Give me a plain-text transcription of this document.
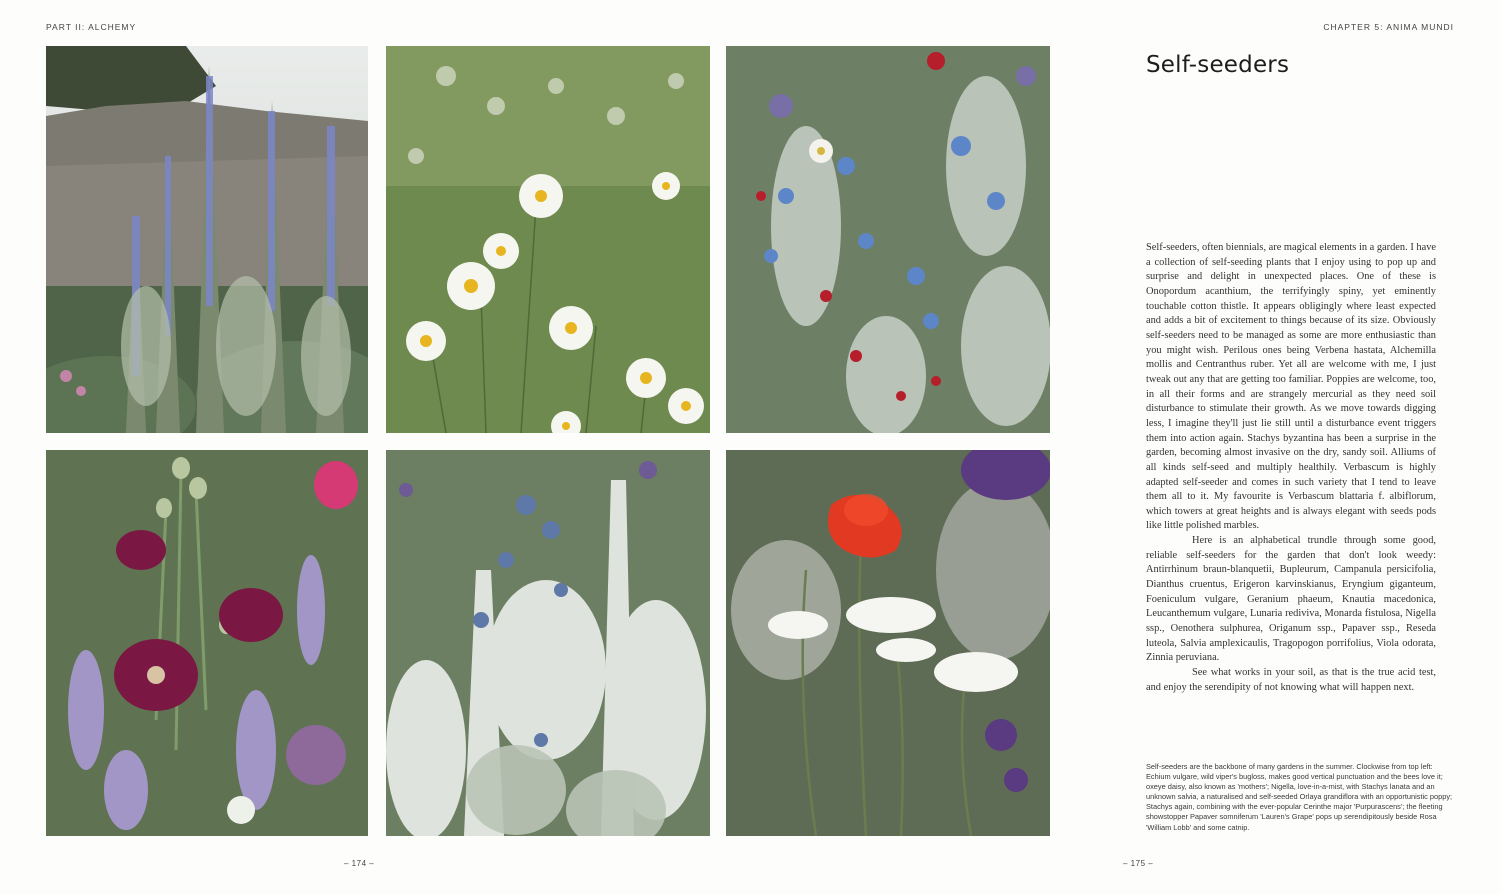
PART II: ALCHEMY	CHAPTER 5: ANIMA MUNDI
Self-seeders

Self-seeders, often biennials, are magical elements in a garden. I have a collection of self-seeding plants that I enjoy using to pop up and surprise and delight in unexpected places. One of these is Onopordum acanthium, the terrifyingly spiny, yet eminently touchable cotton thistle. It appears obligingly where least expected and adds a bit of excitement to things because of its size. Obviously self-seeders need to be managed as some are more enthusiastic than you might wish. Perilous ones being Verbena hastata, Alchemilla mollis and Centranthus ruber. Yet all are welcome with me, I just tweak out any that are getting too familiar. Poppies are welcome, too, in all their forms and are strangely mercurial as they need soil disturbance to stimulate their growth. As we move towards digging less, I imagine they'll just lie still until a disturbance event triggers them into action again. Stachys byzantina has been a surprise in the garden, becoming almost invasive on the dry, sandy soil. Alliums of all kinds self-seed and multiply healthily. Verbascum is highly adapted self-seeder and comes in such variety that I tend to leave them all to it. My favourite is Verbascum blattaria f. albiflorum, which towers at great heights and is always elegant with seeds pods like little polished marbles.

Here is an alphabetical trundle through some good, reliable self-seeders for the garden that don't look weedy: Antirrhinum braun-blanquetii, Bupleurum, Campanula persicifolia, Dianthus cruentus, Erigeron karvinskianus, Eryngium giganteum, Foeniculum vulgare, Geranium phaeum, Knautia macedonica, Leucanthemum vulgare, Lunaria rediviva, Monarda fistulosa, Nigella ssp., Oenothera sulphurea, Origanum ssp., Papaver ssp., Reseda luteola, Salvia amplexicaulis, Tragopogon porrifolius, Viola odorata, Zinnia peruviana.

See what works in your soil, as that is the true acid test, and enjoy the serendipity of not knowing what will happen next.

Self-seeders are the backbone of many gardens in the summer. Clockwise from top left: Echium vulgare, wild viper's bugloss, makes good vertical punctuation and the bees love it; oxeye daisy, also known as 'mothers'; Nigella, love-in-a-mist, with Stachys lanata and an unknown salvia, a naturalised and self-seeded Orlaya grandiflora with an opportunistic poppy; Stachys again, combining with the ever-popular Cerinthe major 'Purpurascens'; the fleeting showstopper Papaver somniferum 'Lauren's Grape' pops up serendipitously beside Rosa 'William Lobb' and some catnip.
– 174 –	– 175 –
